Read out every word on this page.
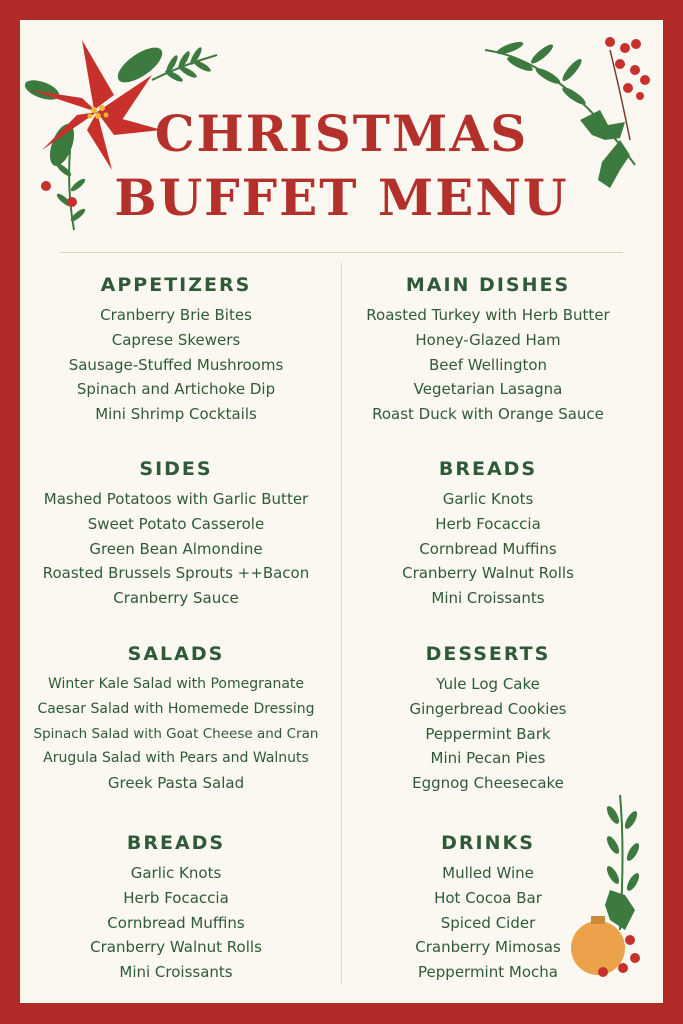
CHRISTMAS
BUFFET MENU
APPETIZERS
Cranberry Brie Bites
Caprese Skewers
Sausage-Stuffed Mushrooms
Spinach and Artichoke Dip
Mini Shrimp Cocktails
MAIN DISHES
Roasted Turkey with Herb Butter
Honey-Glazed Ham
Beef Wellington
Vegetarian Lasagna
Roast Duck with Orange Sauce
SIDES
Mashed Potatoos with Garlic Butter
Sweet Potato Casserole
Green Bean Almondine
Roasted Brussels Sprouts ++Bacon
Cranberry Sauce
BREADS
Garlic Knots
Herb Focaccia
Cornbread Muffins
Cranberry Walnut Rolls
Mini Croissants
SALADS
Winter Kale Salad with Pomegranate
Caesar Salad with Homemede Dressing
Spinach Salad with Goat Cheese and Cran
Arugula Salad with Pears and Walnuts
Greek Pasta Salad
DESSERTS
Yule Log Cake
Gingerbread Cookies
Peppermint Bark
Mini Pecan Pies
Eggnog Cheesecake
BREADS
Garlic Knots
Herb Focaccia
Cornbread Muffins
Cranberry Walnut Rolls
Mini Croissants
DRINKS
Mulled Wine
Hot Cocoa Bar
Spiced Cider
Cranberry Mimosas
Peppermint Mocha
